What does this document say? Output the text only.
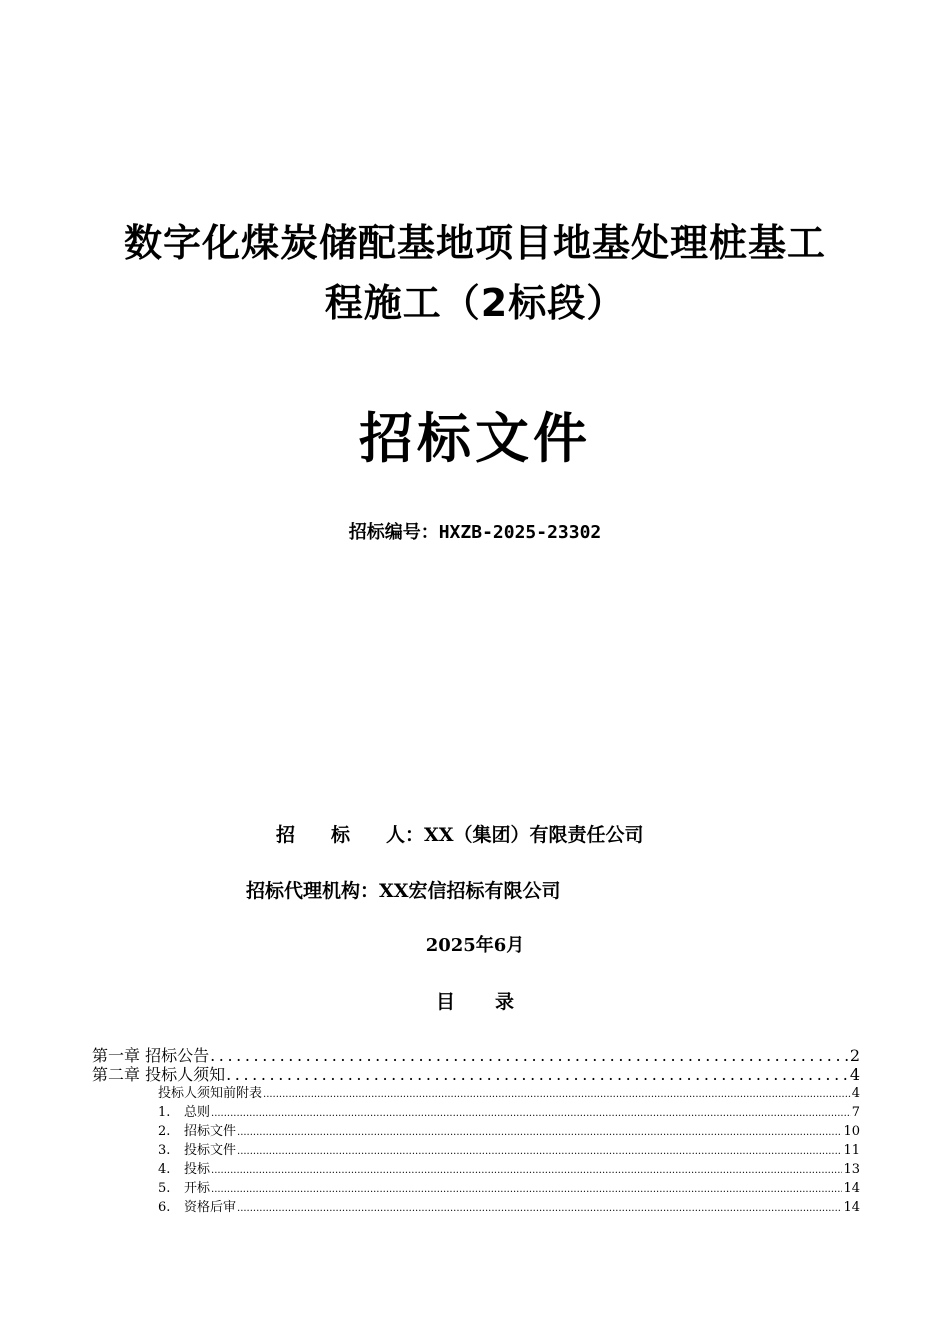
数字化煤炭储配基地项目地基处理桩基工
程施工（2标段）
招标文件
招标编号：HXZB-2025-23302
招 标 人：XX（集团）有限责任公司
招标代理机构：XX宏信招标有限公司
2025年6月
目 录
第一章 招标公告 .....	2
第二章 投标人须知 .....	4
投标人须知前附表 .....	4
1.	总则 .....	7
2.	招标文件 .....	10
3.	投标文件 .....	11
4.	投标 .....	13
5.	开标 .....	14
6.	资格后审 .....	14
